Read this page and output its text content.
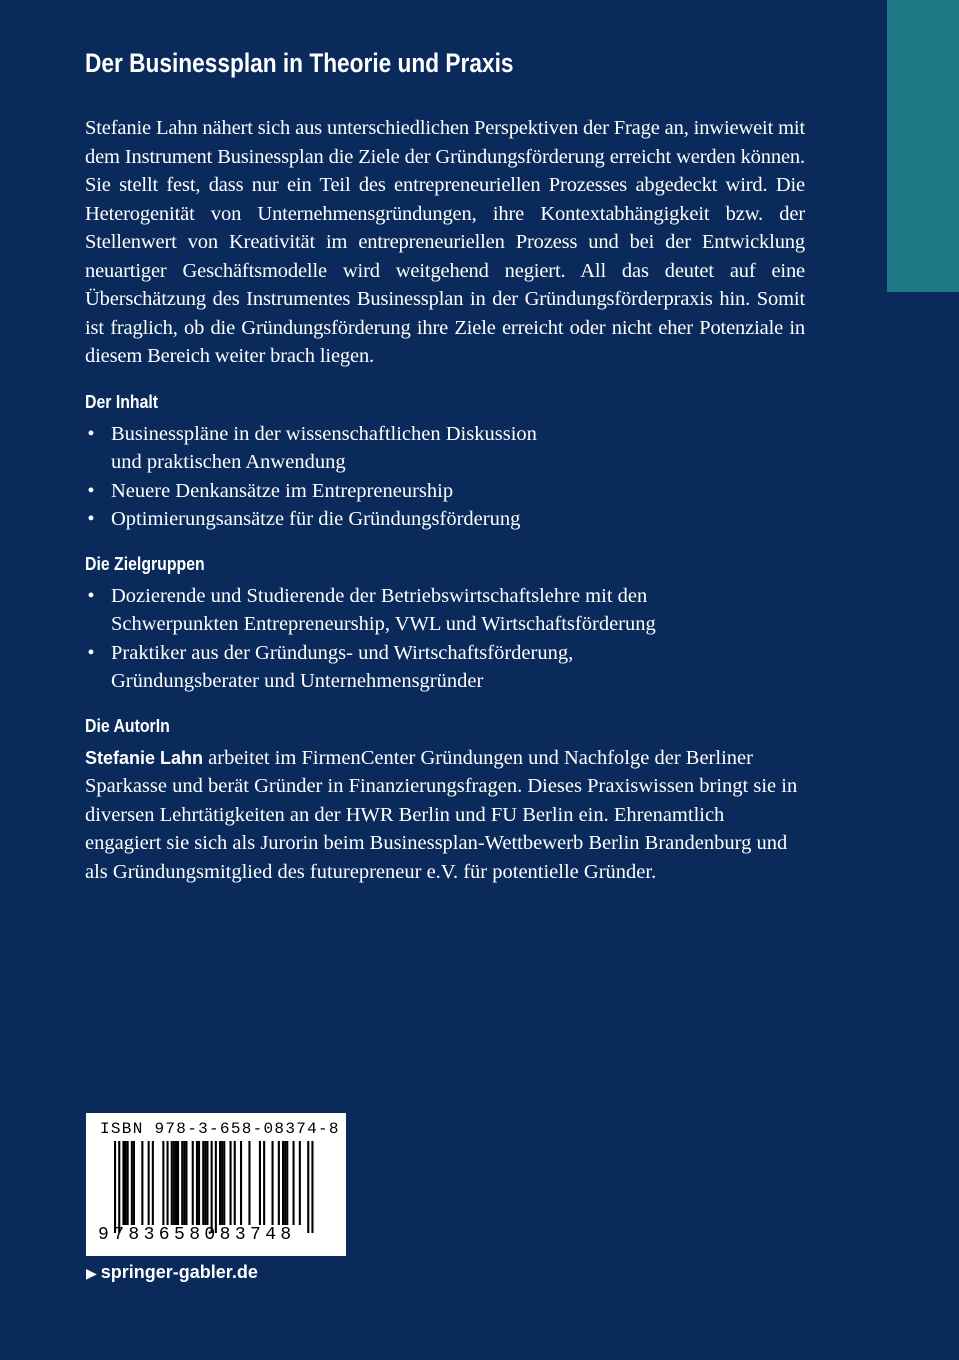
Der Businessplan in Theorie und Praxis

Stefanie Lahn nähert sich aus unterschiedlichen Perspektiven der Frage an, inwieweit mit dem Instrument Businessplan die Ziele der Gründungsförderung erreicht werden können. Sie stellt fest, dass nur ein Teil des entrepreneuriellen Prozesses abgedeckt wird. Die Heterogenität von Unternehmensgründungen, ihre Kontextabhängigkeit bzw. der Stellenwert von Kreativität im entrepreneuriellen Prozess und bei der Entwicklung neuartiger Geschäftsmodelle wird weitgehend negiert. All das deutet auf eine Überschätzung des Instrumentes Businessplan in der Gründungsförderpraxis hin. Somit ist fraglich, ob die Gründungsförderung ihre Ziele erreicht oder nicht eher Potenziale in diesem Bereich weiter brach liegen.

Der Inhalt
• Businesspläne in der wissenschaftlichen Diskussion
und praktischen Anwendung
• Neuere Denkansätze im Entrepreneurship
• Optimierungsansätze für die Gründungsförderung
Die Zielgruppen
• Dozierende und Studierende der Betriebswirtschaftslehre mit den
Schwerpunkten Entrepreneurship, VWL und Wirtschaftsförderung
• Praktiker aus der Gründungs- und Wirtschaftsförderung,
Gründungsberater und Unternehmensgründer
Die AutorIn

Stefanie Lahn arbeitet im FirmenCenter Gründungen und Nachfolge der Berliner Sparkasse und berät Gründer in Finanzierungsfragen. Dieses Praxiswissen bringt sie in diversen Lehrtätigkeiten an der HWR Berlin und FU Berlin ein. Ehrenamtlich engagiert sie sich als Jurorin beim Businessplan-Wettbewerb Berlin Brandenburg und als Gründungsmitglied des futurepreneur e.V. für potentielle Gründer.

ISBN 978-3-658-08374-8
9783658083748
▶ springer-gabler.de
